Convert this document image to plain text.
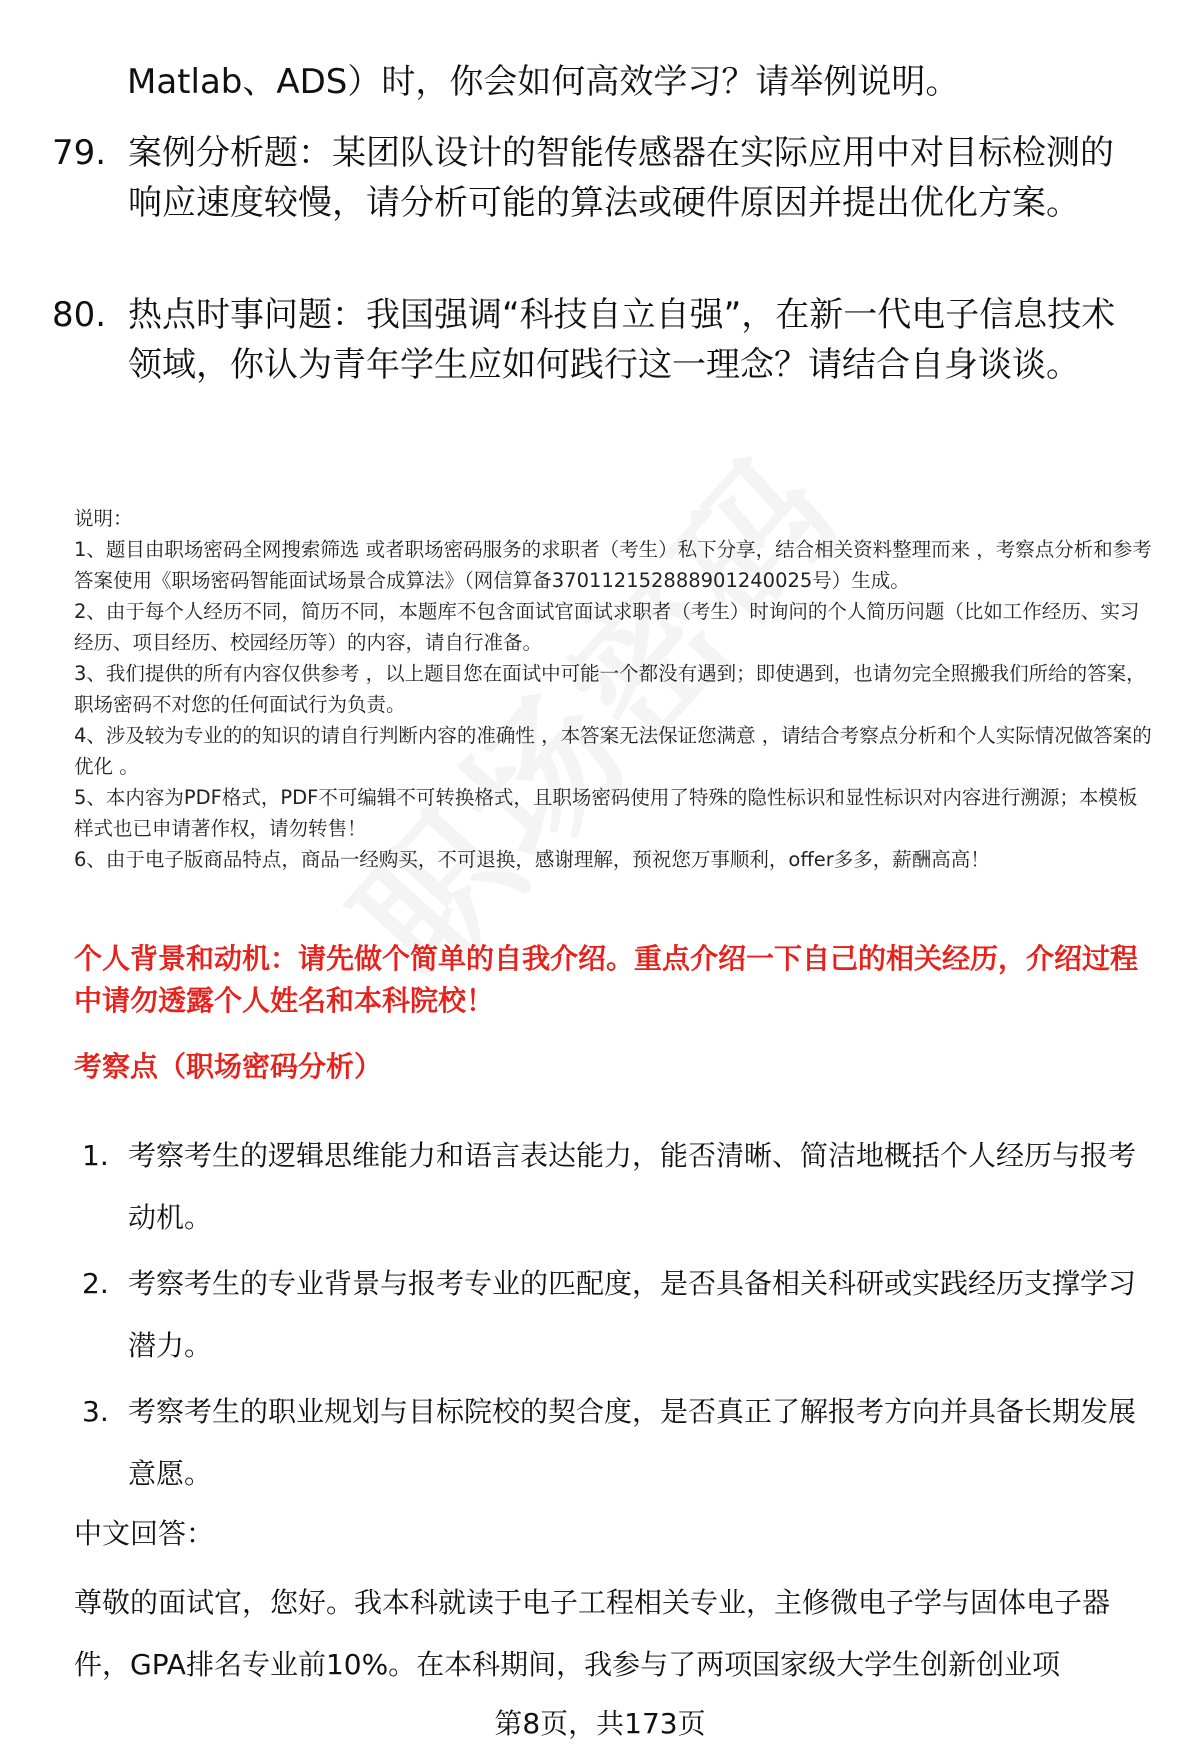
Matlab、ADS）时，你会如何高效学习？请举例说明。
79. 案例分析题：某团队设计的智能传感器在实际应用中对目标检测的响应速度较慢，请分析可能的算法或硬件原因并提出优化方案。
80. 热点时事问题：我国强调“科技自立自强”，在新一代电子信息技术领域，你认为青年学生应如何践行这一理念？请结合自身谈谈。

说明：

1、题目由职场密码全网搜索筛选 或者职场密码服务的求职者（考生）私下分享，结合相关资料整理而来 ，考察点分析和参考答案使用《职场密码智能面试场景合成算法》（网信算备370112152888901240025号）生成。

2、由于每个人经历不同，简历不同，本题库不包含面试官面试求职者（考生）时询问的个人简历问题（比如工作经历、实习经历、项目经历、校园经历等）的内容，请自行准备。

3、我们提供的所有内容仅供参考 ，以上题目您在面试中可能一个都没有遇到；即使遇到，也请勿完全照搬我们所给的答案，职场密码不对您的任何面试行为负责。

4、涉及较为专业的的知识的请自行判断内容的准确性 ，本答案无法保证您满意 ，请结合考察点分析和个人实际情况做答案的优化 。

5、本内容为PDF格式，PDF不可编辑不可转换格式，且职场密码使用了特殊的隐性标识和显性标识对内容进行溯源；本模板样式也已申请著作权，请勿转售！

6、由于电子版商品特点，商品一经购买，不可退换，感谢理解，预祝您万事顺利，offer多多，薪酬高高！

个人背景和动机：请先做个简单的自我介绍。重点介绍一下自己的相关经历，介绍过程中请勿透露个人姓名和本科院校！
考察点（职场密码分析）
1. 考察考生的逻辑思维能力和语言表达能力，能否清晰、简洁地概括个人经历与报考动机。
2. 考察考生的专业背景与报考专业的匹配度，是否具备相关科研或实践经历支撑学习潜力。
3. 考察考生的职业规划与目标院校的契合度，是否真正了解报考方向并具备长期发展意愿。
中文回答：
尊敬的面试官，您好。我本科就读于电子工程相关专业，主修微电子学与固体电子器件，GPA排名专业前10%。在本科期间，我参与了两项国家级大学生创新创业项
第8页，共173页
